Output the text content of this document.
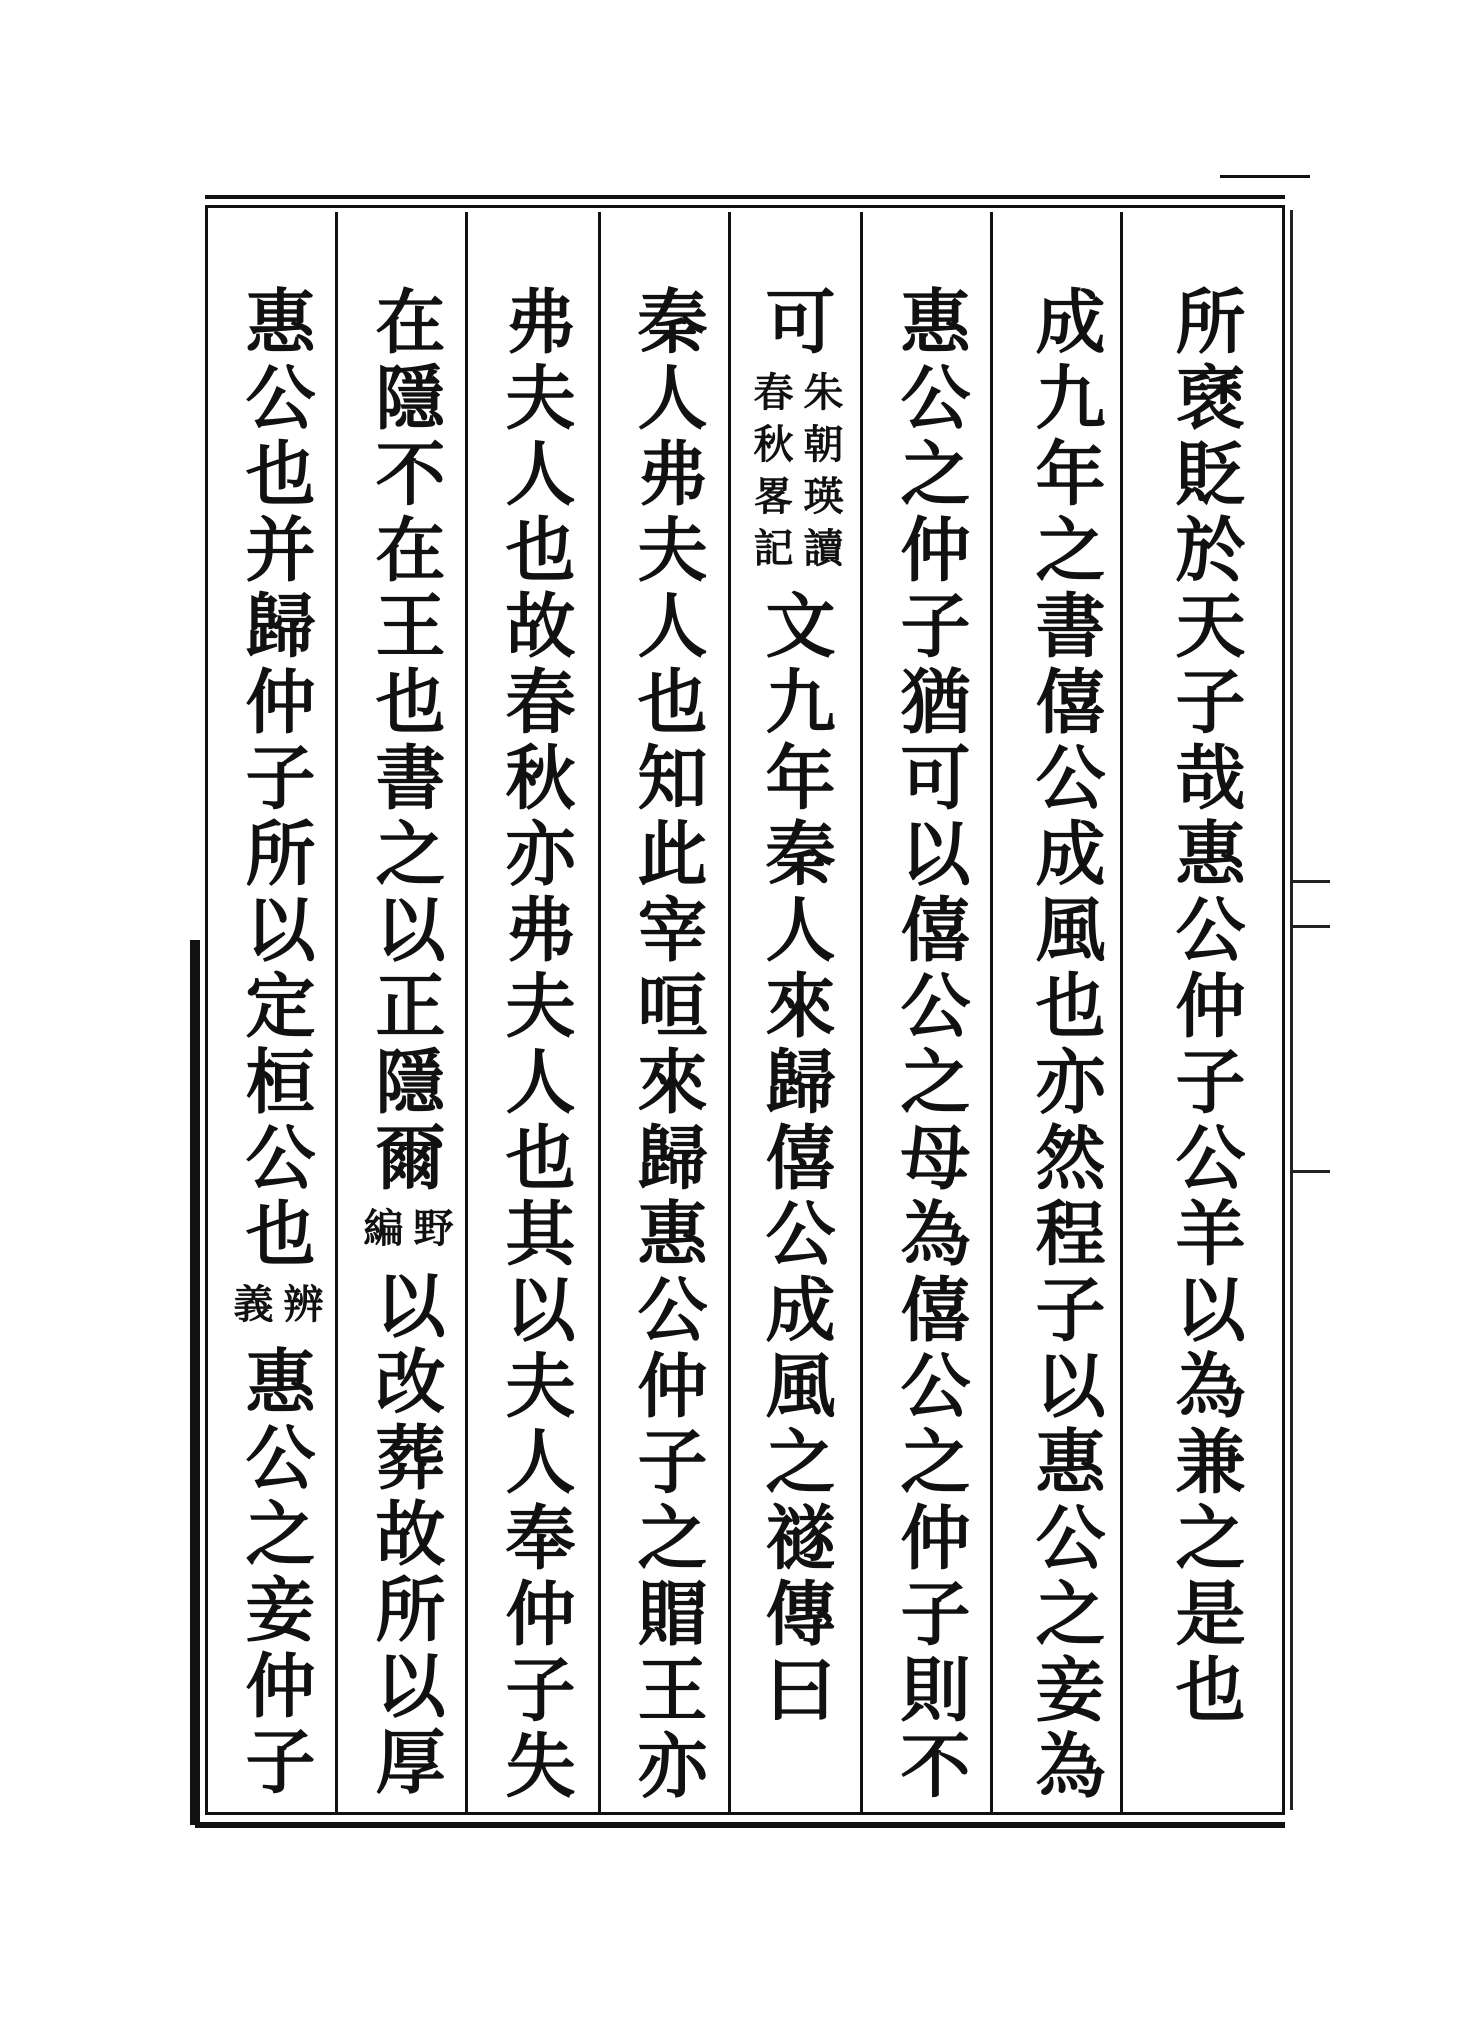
所褎貶於天子哉
惠公仲子公羊以為兼之是也
成九年之書僖公成風也亦然程子以惠公之妾為
惠公之仲子猶可以僖公之母為僖公之仲子則不
可
朱朝瑛讀
春秋畧記
文九年秦人來歸僖公成風之禭傳曰
秦人弗夫人也知此宰咺來歸惠公仲子之賵王亦
弗夫人也故春秋亦弗夫人也其以夫人奉仲子失
在隱不在王也書之以正隱爾
野
編
以改葬故所以厚
惠公也并歸仲子所以定桓公也
辨
義
惠公之妾仲子
